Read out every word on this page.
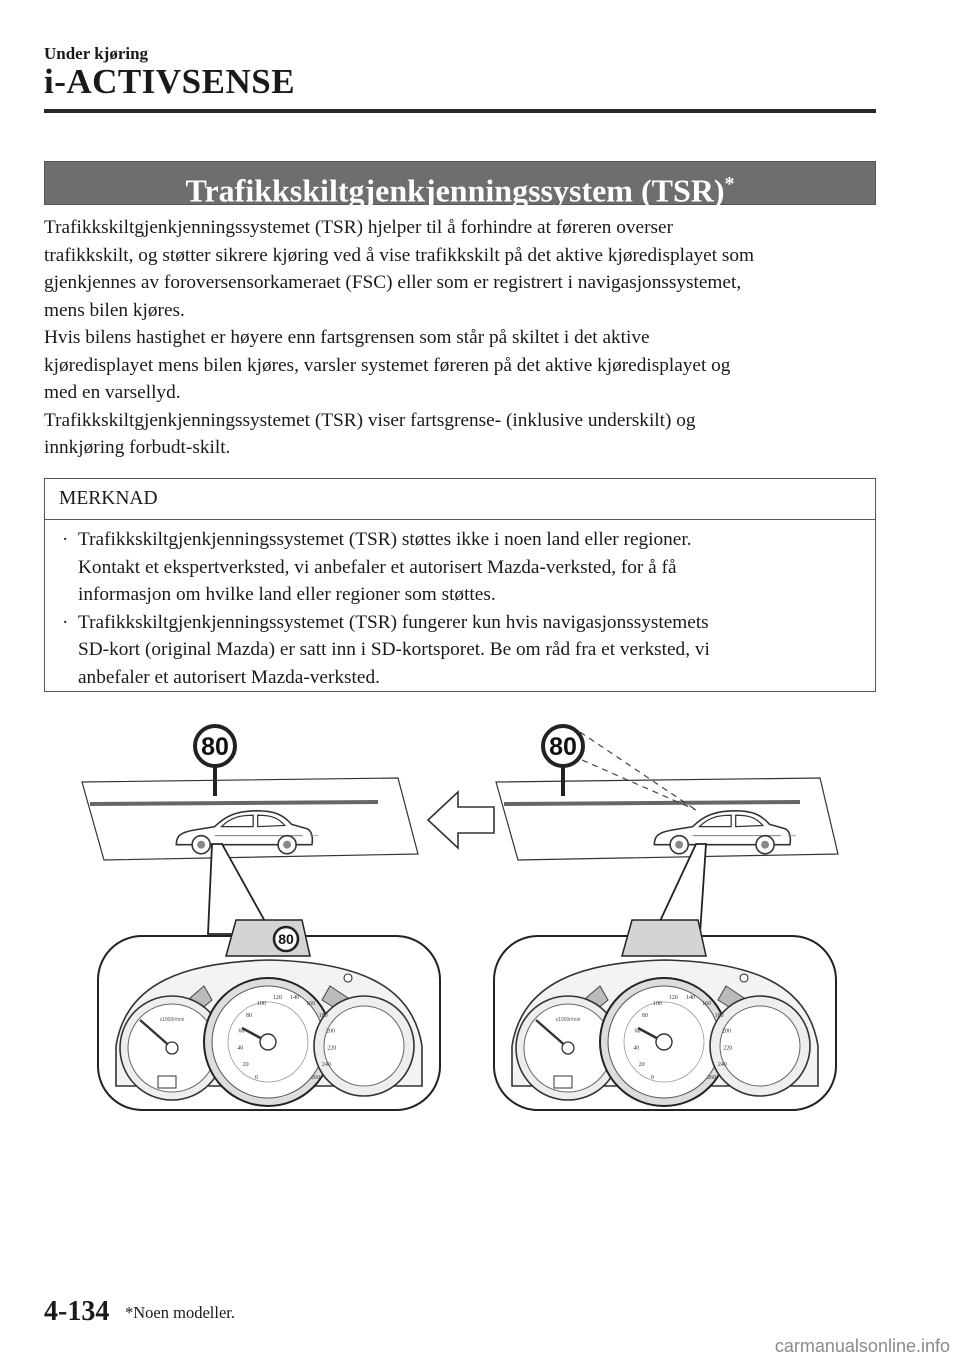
Under kjøring
i-ACTIVSENSE
Trafikkskiltgjenkjenningssystem (TSR)*

Trafikkskiltgjenkjenningssystemet (TSR) hjelper til å forhindre at føreren overser

trafikkskilt, og støtter sikrere kjøring ved å vise trafikkskilt på det aktive kjøredisplayet som

gjenkjennes av foroversensorkameraet (FSC) eller som er registrert i navigasjonssystemet,

mens bilen kjøres.

Hvis bilens hastighet er høyere enn fartsgrensen som står på skiltet i det aktive

kjøredisplayet mens bilen kjøres, varsler systemet føreren på det aktive kjøredisplayet og

med en varsellyd.

Trafikkskiltgjenkjenningssystemet (TSR) viser fartsgrense- (inklusive underskilt) og

innkjøring forbudt-skilt.

MERKNAD
· Trafikkskiltgjenkjenningssystemet (TSR) støttes ikke i noen land eller regioner.
Kontakt et ekspertverksted, vi anbefaler et autorisert Mazda-verksted, for å få
informasjon om hvilke land eller regioner som støttes.
· Trafikkskiltgjenkjenningssystemet (TSR) fungerer kun hvis navigasjonssystemets
SD-kort (original Mazda) er satt inn i SD-kortsporet. Be om råd fra et verksted, vi
anbefaler et autorisert Mazda-verksted.
80	80
80
0
20
40
60
80
100
120 140
160
180
200
220
240
260	0
20
40
60
80
100
120 140
160
180
200
220
240
260
x1000r/min	x1000r/min
4-134 *Noen modeller.
carmanualsonline.info
